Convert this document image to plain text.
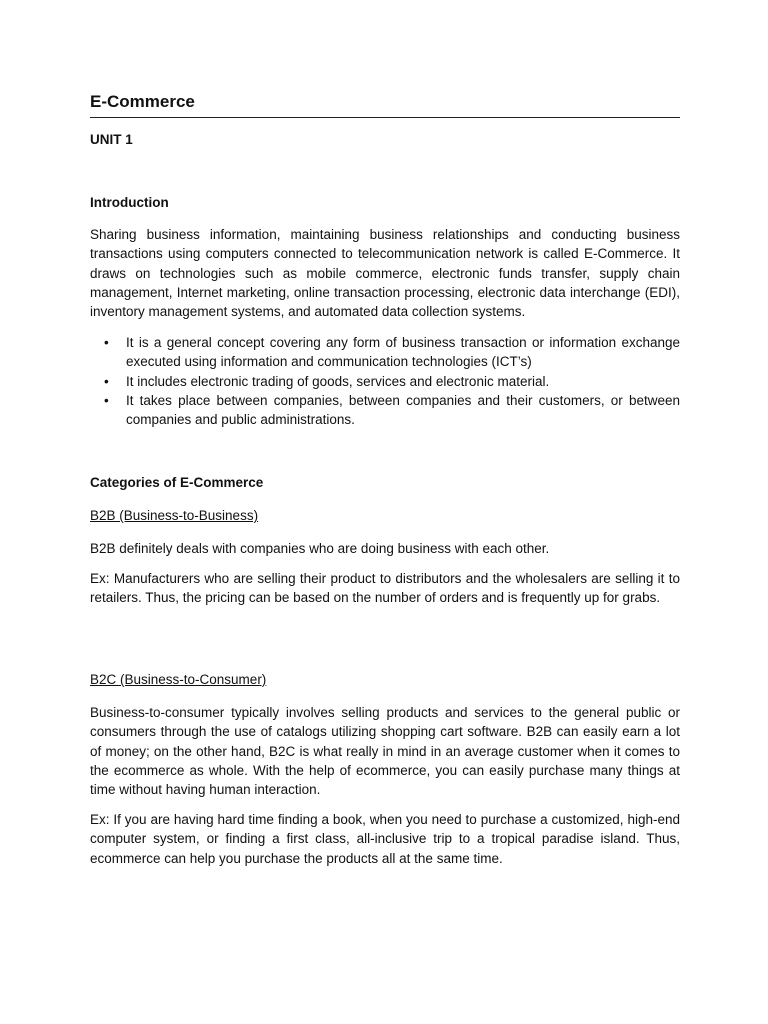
E-Commerce
UNIT 1
Introduction

Sharing business information, maintaining business relationships and conducting business transactions using computers connected to telecommunication network is called E-Commerce. It draws on technologies such as mobile commerce, electronic funds transfer, supply chain management, Internet marketing, online transaction processing, electronic data interchange (EDI), inventory management systems, and automated data collection systems.

• It is a general concept covering any form of business transaction or information exchange executed using information and communication technologies (ICT’s)
• It includes electronic trading of goods, services and electronic material.
• It takes place between companies, between companies and their customers, or between companies and public administrations.
Categories of E-Commerce
B2B (Business-to-Business)

B2B definitely deals with companies who are doing business with each other.

Ex: Manufacturers who are selling their product to distributors and the wholesalers are selling it to retailers. Thus, the pricing can be based on the number of orders and is frequently up for grabs.

B2C (Business-to-Consumer)

Business-to-consumer typically involves selling products and services to the general public or consumers through the use of catalogs utilizing shopping cart software. B2B can easily earn a lot of money; on the other hand, B2C is what really in mind in an average customer when it comes to the ecommerce as whole. With the help of ecommerce, you can easily purchase many things at time without having human interaction.

Ex: If you are having hard time finding a book, when you need to purchase a customized, high-end computer system, or finding a first class, all-inclusive trip to a tropical paradise island. Thus, ecommerce can help you purchase the products all at the same time.
